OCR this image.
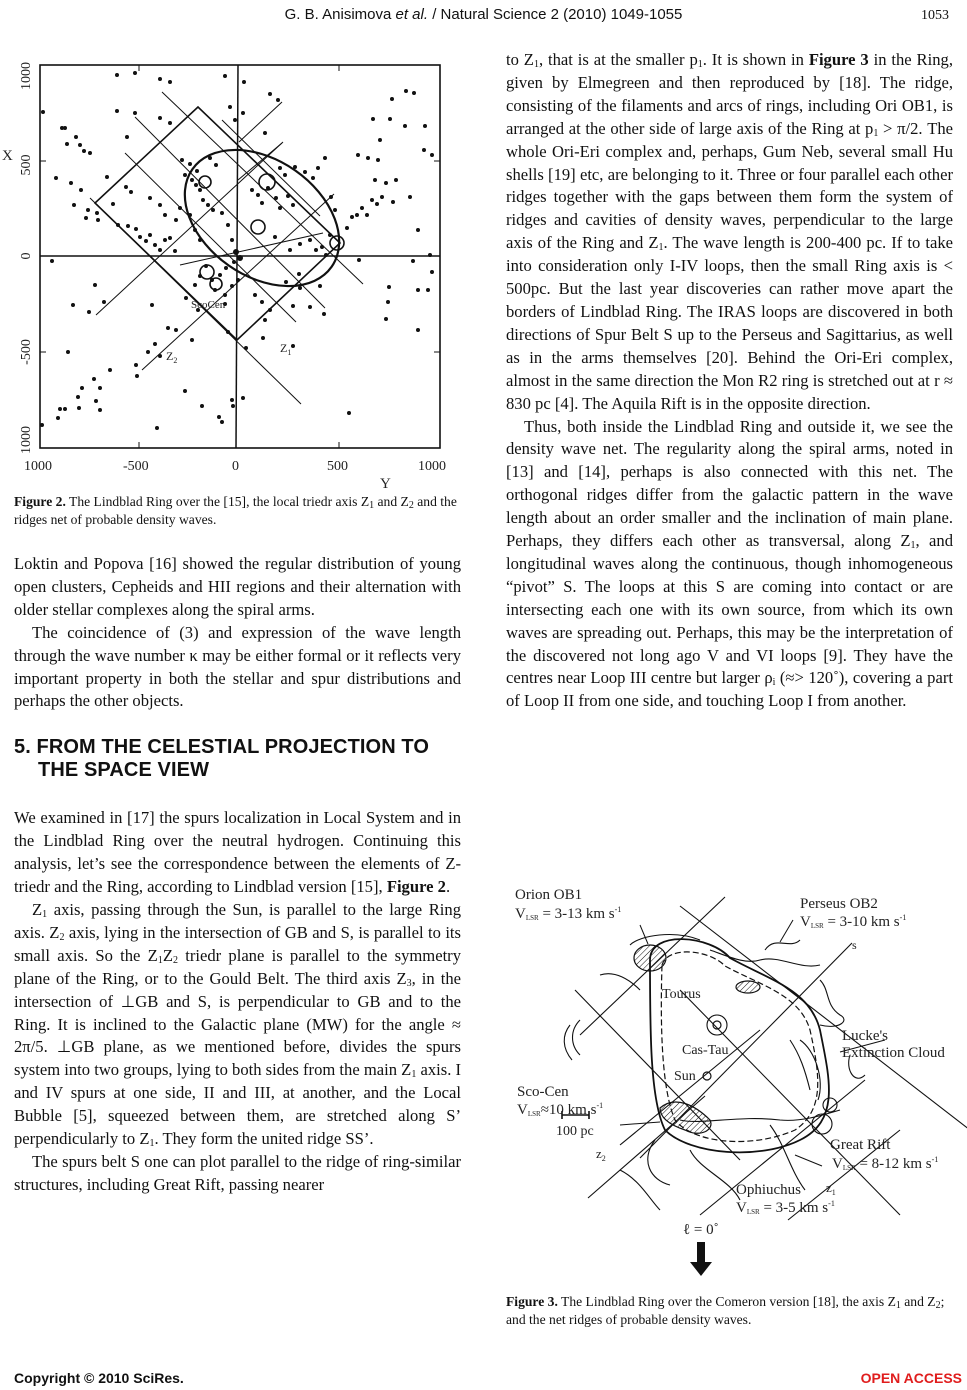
G. B. Anisimova et al. / Natural Science 2 (2010) 1049-1055	1053
ScoCen
$Z_2$
$Z_1$
X
1000
500
0
-500
1000
1000	-500	0	500	1000
Y

Figure 2. The Lindblad Ring over the [15], the local triedr axis $Z_1$ and $Z_2$ and the ridges net of probable density waves.

Loktin and Popova [16] showed the regular distribution of young open clusters, Cepheids and HII regions and their alternation with older stellar complexes along the spiral arms.

The coincidence of (3) and expression of the wave length through the wave number κ may be either formal or it reflects very important property in both the stellar and spur distributions and perhaps the other objects.

5. FROM THE CELESTIAL PROJECTION TO THE SPACE VIEW

We examined in [17] the spurs localization in Local System and in the Lindblad Ring over the neutral hydrogen. Continuing this analysis, let’s see the correspondence between the elements of Z-triedr and the Ring, according to Lindblad version [15], Figure 2.

$Z_1$ axis, passing through the Sun, is parallel to the large Ring axis. $Z_2$ axis, lying in the intersection of GB and S, is parallel to its small axis. So the $Z_1Z_2$ triedr plane is parallel to the symmetry plane of the Ring, or to the Gould Belt. The third axis $Z_3$, in the intersection of ⊥GB and S, is perpendicular to GB and to the Ring. It is inclined to the Galactic plane (MW) for the angle ≈ 2π/5. ⊥GB plane, as we mentioned before, divides the spurs system into two groups, lying to both sides from the main $Z_1$ axis. I and IV spurs at one side, II and III, at another, and the Local Bubble [5], squeezed between them, are stretched along S’ perpendicularly to $Z_1$. They form the united ridge SS’.

The spurs belt S one can plot parallel to the ridge of ring-similar structures, including Great Rift, passing nearer

to $Z_1$, that is at the smaller $p_1$. It is shown in Figure 3 in the Ring, given by Elmegreen and then reproduced by [18]. The ridge, consisting of the filaments and arcs of rings, including Ori OB1, is arranged at the other side of large axis of the Ring at $p_1 > \pi/2$. The whole Ori-Eri complex and, perhaps, Gum Neb, several small Hu shells [19] etc, are belonging to it. Three or four parallel each other ridges together with the gaps between them form the system of ridges and cavities of density waves, perpendicular to the large axis of the Ring and $Z_1$. The wave length is 200-400 pc. If to take into consideration only I-IV loops, then the small Ring axis is < 500pc. But the last year discoveries can rather move apart the borders of Lindblad Ring. The IRAS loops are discovered in both directions of Spur Belt S up to the Perseus and Sagittarius, as well as in the arms themselves [20]. Behind the Ori-Eri complex, almost in the same direction the Mon R2 ring is stretched out at r ≈ 830 pc [4]. The Aquila Rift is in the opposite direction.

Thus, both inside the Lindblad Ring and outside it, we see the density wave net. The regularity along the spiral arms, noted in [13] and [14], perhaps is also connected with this net. The orthogonal ridges differ from the galactic pattern in the wave length about an order smaller and the inclination of main plane. Perhaps, they differs each other as transversal, along $Z_1$, and longitudinal waves along the continuous, though inhomogeneous “pivot” S. The loops at this S are coming into contact or are intersecting each one with its own source, from which its own waves are spreading out. Perhaps, this may be the interpretation of the discovered not long ago V and VI loops [9]. They have the centres near Loop III centre but larger $\rho_i$ (≈> 120˚), covering a part of Loop II from one side, and touching Loop I from another.

Orion OB1
VLSR = 3-13 km $s^{-1}$	Perseus OB2
VLSR = 3-10 km $s^{-1}$
s
Tourus
Cas-Tau
Sun
Lucke's
Extinction Cloud
Sco-Cen
VLSR≈10 km $s^{-1}$
Great Rift
VLSR = 8-12 km $s^{-1}$
Ophiuchus
VLSR = 3-5 km $s^{-1}$
$z_1$
$z_2$
100 pc
ℓ = 0˚

Figure 3. The Lindblad Ring over the Comeron version [18], the axis $Z_1$ and $Z_2$; and the net ridges of probable density waves.

Copyright © 2010 SciRes.	OPEN ACCESS
